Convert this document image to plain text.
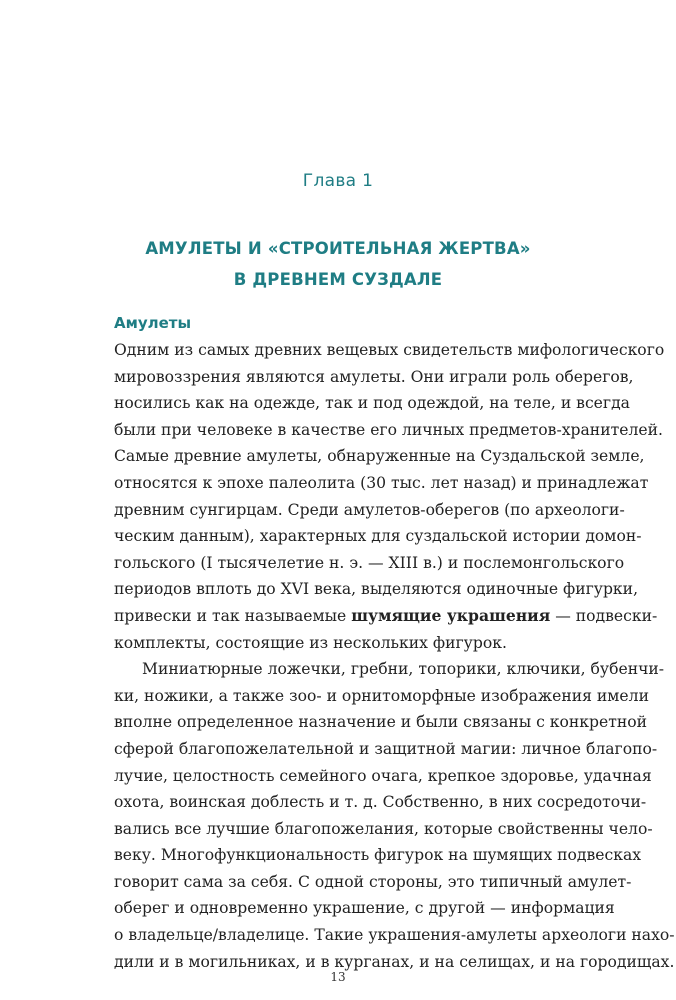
Глава 1
АМУЛЕТЫ И «СТРОИТЕЛЬНАЯ ЖЕРТВА»
В ДРЕВНЕМ СУЗДАЛЕ
Амулеты
Одним из самых древних вещевых свидетельств мифологического
мировоззрения являются амулеты. Они играли роль оберегов,
носились как на одежде, так и под одеждой, на теле, и всегда
были при человеке в качестве его личных предметов-хранителей.
Самые древние амулеты, обнаруженные на Суздальской земле,
относятся к эпохе палеолита (30 тыс. лет назад) и принадлежат
древним сунгирцам. Среди амулетов-оберегов (по археологи-
ческим данным), характерных для суздальской истории домон-
гольского (I тысячелетие н. э. — XIII в.) и послемонгольского
периодов вплоть до XVI века, выделяются одиночные фигурки,
привески и так называемые шумящие украшения — подвески-
комплекты, состоящие из нескольких фигурок.
Миниатюрные ложечки, гребни, топорики, ключики, бубенчи-
ки, ножики, а также зоо- и орнитоморфные изображения имели
вполне определенное назначение и были связаны с конкретной
сферой благопожелательной и защитной магии: личное благопо-
лучие, целостность семейного очага, крепкое здоровье, удачная
охота, воинская доблесть и т. д. Собственно, в них сосредоточи-
вались все лучшие благопожелания, которые свойственны чело-
веку. Многофункциональность фигурок на шумящих подвесках
говорит сама за себя. С одной стороны, это типичный амулет-
оберег и одновременно украшение, с другой — информация
о владельце/владелице. Такие украшения-амулеты археологи нахо-
дили и в могильниках, и в курганах, и на селищах, и на городищах.
13
